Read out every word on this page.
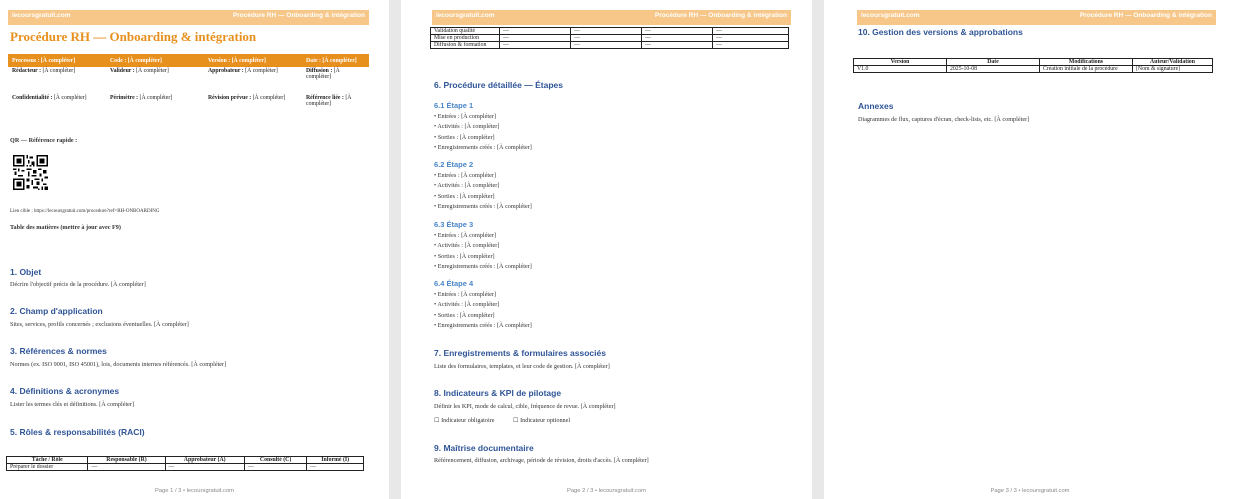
lecoursgratuit.com	Procédure RH — Onboarding & intégration
Procédure RH — Onboarding & intégration
Processus : [À compléter]	Code : [À compléter]	Version : [À compléter]	Date : [À compléter]
Rédacteur : [À compléter]	Valideur : [À compléter]	Approbateur : [À compléter]	Diffusion : [À compléter]
Confidentialité : [À compléter]	Périmètre : [À compléter]	Révision prévue : [À compléter]	Référence liée : [À compléter]
QR — Référence rapide :
Lien cible : https://lecoursgratuit.com/procedure?ref=RH-ONBOARDING
Table des matières (mettre à jour avec F9)
1. Objet
Décrire l'objectif précis de la procédure. [À compléter]
2. Champ d'application
Sites, services, profils concernés ; exclusions éventuelles. [À compléter]
3. Références & normes
Normes (ex. ISO 9001, ISO 45001), lois, documents internes référencés. [À compléter]
4. Définitions & acronymes
Lister les termes clés et définitions. [À compléter]
5. Rôles & responsabilités (RACI)
Tâche / Rôle	Responsable (R)	Approbateur (A)	Consulté (C)	Informé (I)
Préparer le dossier	—	—	—	—
Page 1 / 3 • lecoursgratuit.com
lecoursgratuit.com	Procédure RH — Onboarding & intégration
Validation qualité	—	—	—	—
Mise en production	—	—	—	—
Diffusion & formation	—	—	—	—
6. Procédure détaillée — Étapes
6.1 Étape 1
• Entrées : [À compléter]
• Activités : [À compléter]
• Sorties : [À compléter]
• Enregistrements créés : [À compléter]
6.2 Étape 2
• Entrées : [À compléter]
• Activités : [À compléter]
• Sorties : [À compléter]
• Enregistrements créés : [À compléter]
6.3 Étape 3
• Entrées : [À compléter]
• Activités : [À compléter]
• Sorties : [À compléter]
• Enregistrements créés : [À compléter]
6.4 Étape 4
• Entrées : [À compléter]
• Activités : [À compléter]
• Sorties : [À compléter]
• Enregistrements créés : [À compléter]
7. Enregistrements & formulaires associés
Liste des formulaires, templates, et leur code de gestion. [À compléter]
8. Indicateurs & KPI de pilotage
Définir les KPI, mode de calcul, cible, fréquence de revue. [À compléter]
☐ Indicateur obligatoire	☐ Indicateur optionnel
9. Maîtrise documentaire
Référencement, diffusion, archivage, période de révision, droits d'accès. [À compléter]
Page 2 / 3 • lecoursgratuit.com
lecoursgratuit.com	Procédure RH — Onboarding & intégration
10. Gestion des versions & approbations
Version	Date	Modifications	Auteur/Validation
V1.0	2025-10-08	Création initiale de la procédure	[Nom & signature]
Annexes
Diagrammes de flux, captures d'écran, check-lists, etc. [À compléter]
Page 3 / 3 • lecoursgratuit.com
